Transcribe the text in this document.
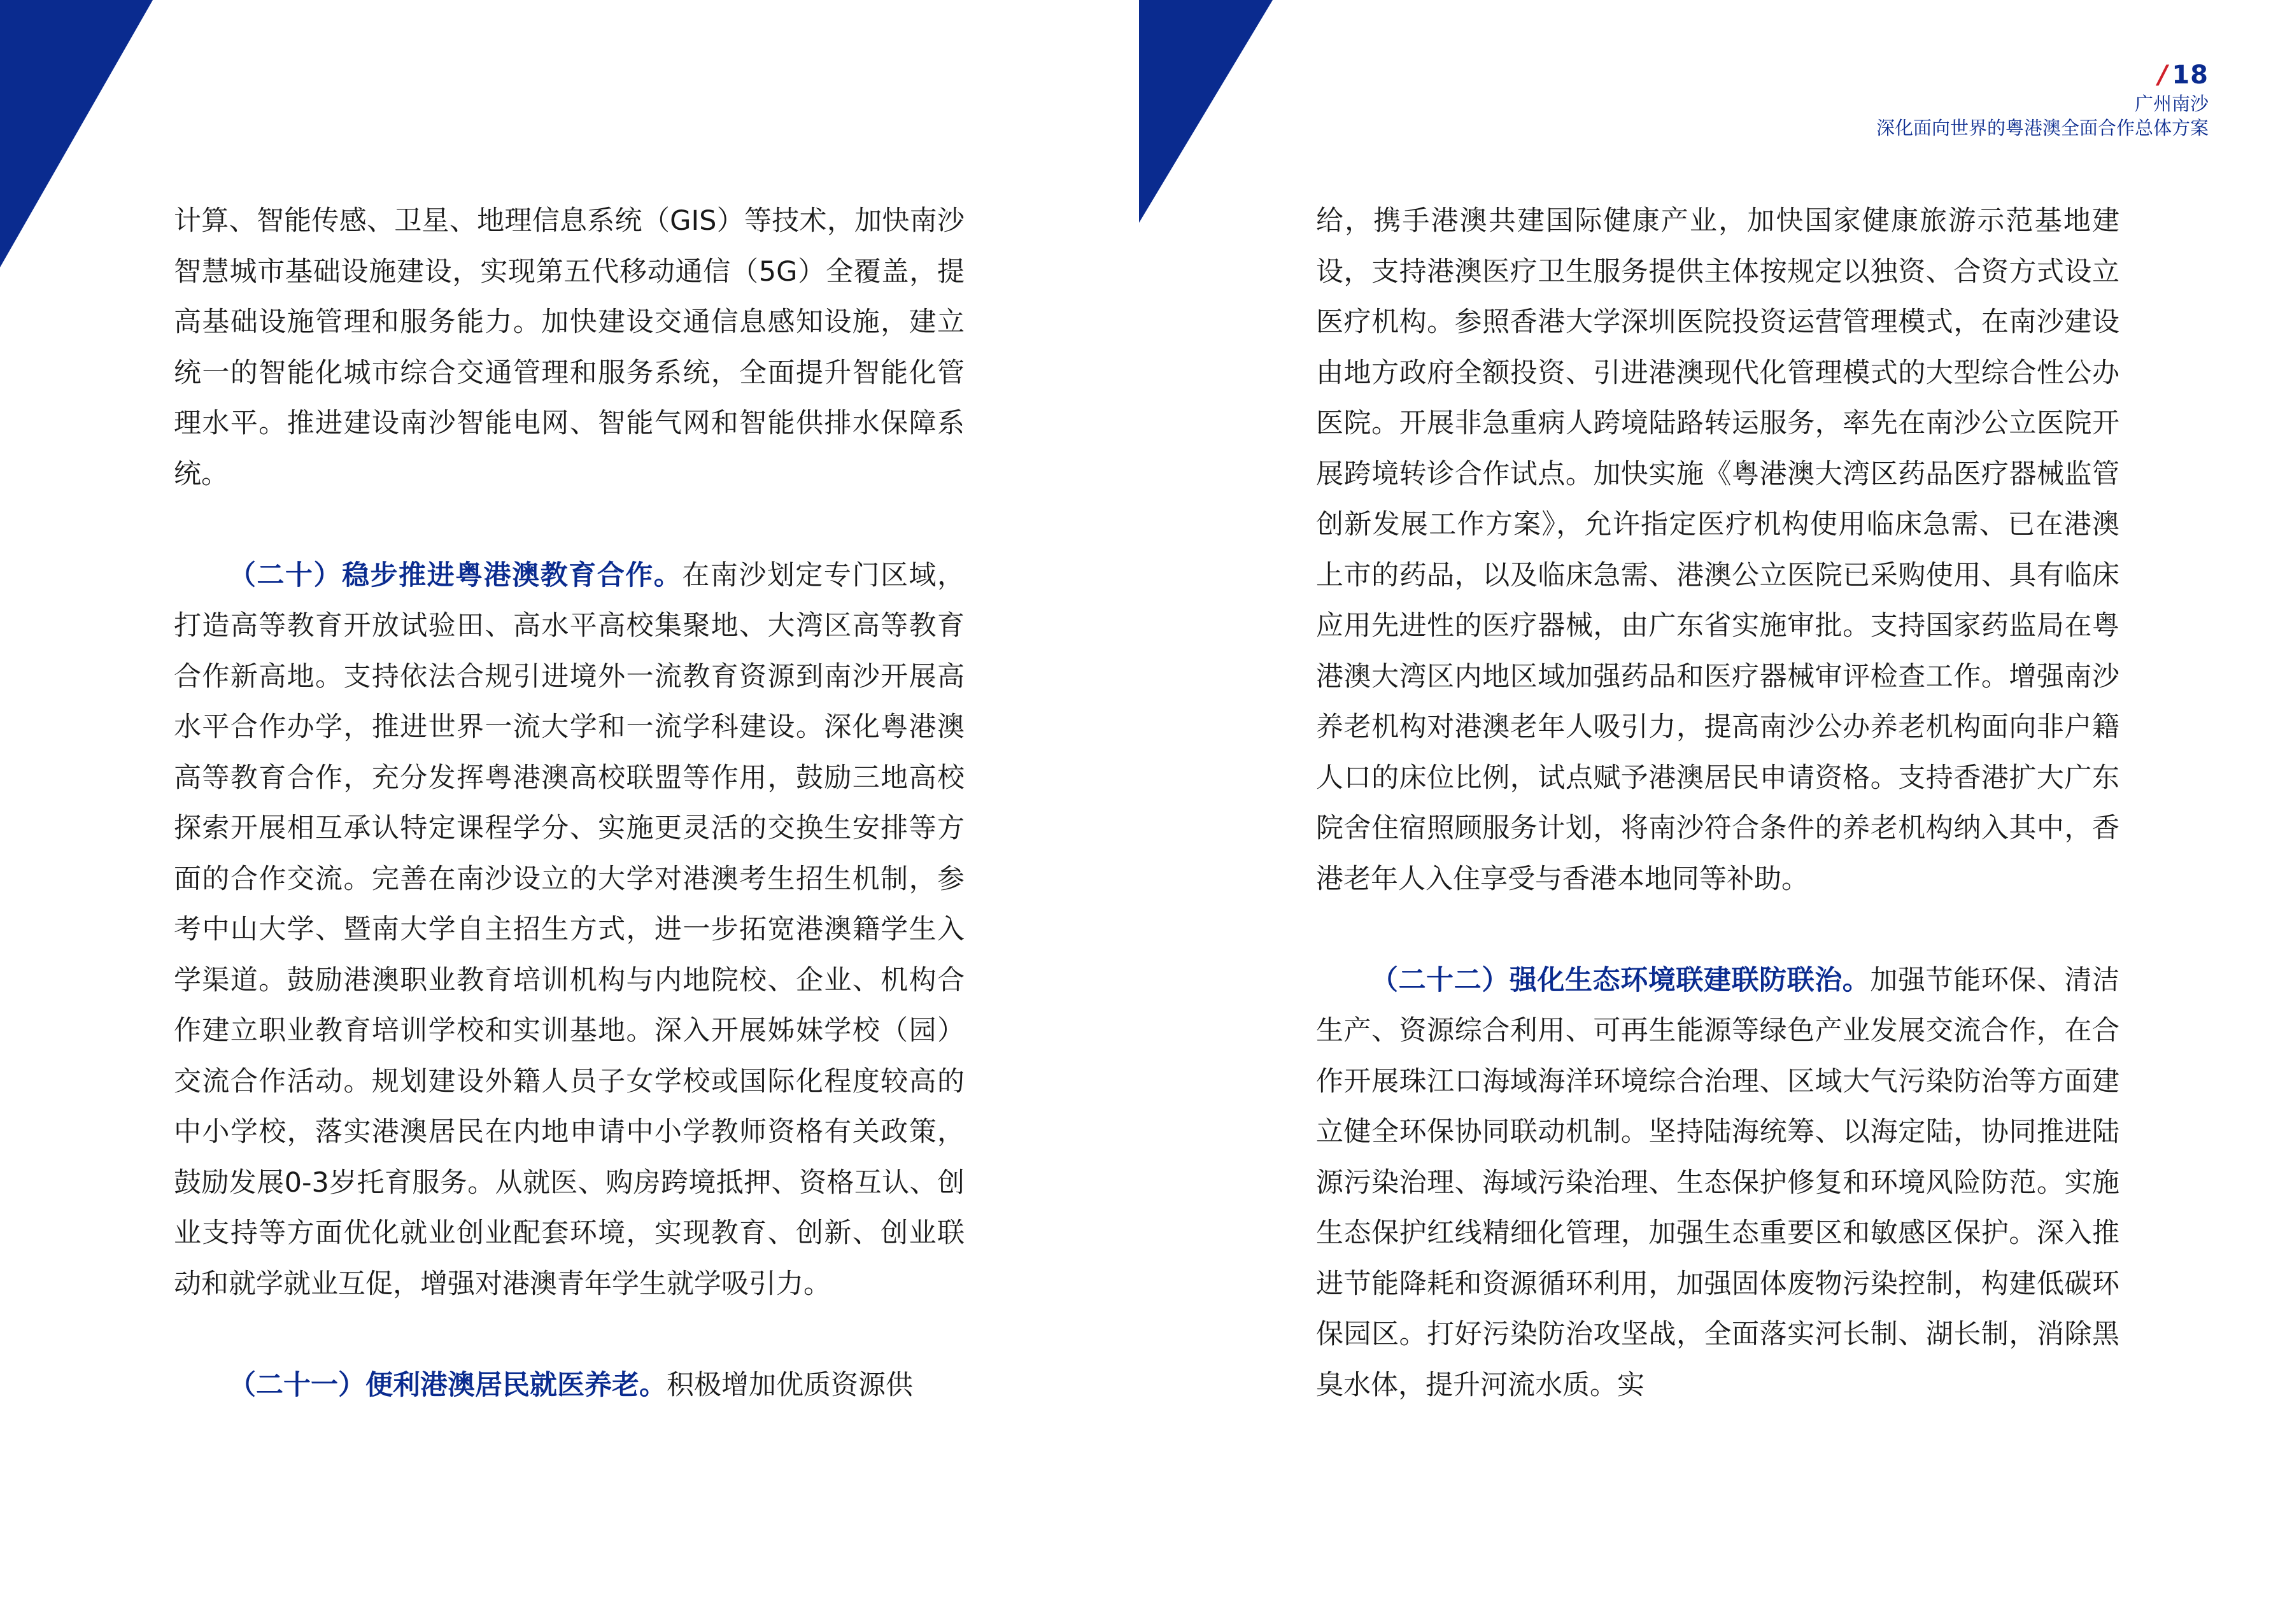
/ 18
广州南沙
深化面向世界的粤港澳全面合作总体方案

计算、智能传感、卫星、地理信息系统（GIS）等技术，加快南沙智慧城市基础设施建设，实现第五代移动通信（5G）全覆盖，提高基础设施管理和服务能力。加快建设交通信息感知设施，建立统一的智能化城市综合交通管理和服务系统，全面提升智能化管理水平。推进建设南沙智能电网、智能气网和智能供排水保障系统。

（二十）稳步推进粤港澳教育合作。在南沙划定专门区域，打造高等教育开放试验田、高水平高校集聚地、大湾区高等教育合作新高地。支持依法合规引进境外一流教育资源到南沙开展高水平合作办学，推进世界一流大学和一流学科建设。深化粤港澳高等教育合作，充分发挥粤港澳高校联盟等作用，鼓励三地高校探索开展相互承认特定课程学分、实施更灵活的交换生安排等方面的合作交流。完善在南沙设立的大学对港澳考生招生机制，参考中山大学、暨南大学自主招生方式，进一步拓宽港澳籍学生入学渠道。鼓励港澳职业教育培训机构与内地院校、企业、机构合作建立职业教育培训学校和实训基地。深入开展姊妹学校（园）交流合作活动。规划建设外籍人员子女学校或国际化程度较高的中小学校，落实港澳居民在内地申请中小学教师资格有关政策，鼓励发展0-3岁托育服务。从就医、购房跨境抵押、资格互认、创业支持等方面优化就业创业配套环境，实现教育、创新、创业联动和就学就业互促，增强对港澳青年学生就学吸引力。

（二十一）便利港澳居民就医养老。积极增加优质资源供

给，携手港澳共建国际健康产业，加快国家健康旅游示范基地建设，支持港澳医疗卫生服务提供主体按规定以独资、合资方式设立医疗机构。参照香港大学深圳医院投资运营管理模式，在南沙建设由地方政府全额投资、引进港澳现代化管理模式的大型综合性公办医院。开展非急重病人跨境陆路转运服务，率先在南沙公立医院开展跨境转诊合作试点。加快实施《粤港澳大湾区药品医疗器械监管创新发展工作方案》，允许指定医疗机构使用临床急需、已在港澳上市的药品，以及临床急需、港澳公立医院已采购使用、具有临床应用先进性的医疗器械，由广东省实施审批。支持国家药监局在粤港澳大湾区内地区域加强药品和医疗器械审评检查工作。增强南沙养老机构对港澳老年人吸引力，提高南沙公办养老机构面向非户籍人口的床位比例，试点赋予港澳居民申请资格。支持香港扩大广东院舍住宿照顾服务计划，将南沙符合条件的养老机构纳入其中，香港老年人入住享受与香港本地同等补助。

（二十二）强化生态环境联建联防联治。加强节能环保、清洁生产、资源综合利用、可再生能源等绿色产业发展交流合作，在合作开展珠江口海域海洋环境综合治理、区域大气污染防治等方面建立健全环保协同联动机制。坚持陆海统筹、以海定陆，协同推进陆源污染治理、海域污染治理、生态保护修复和环境风险防范。实施生态保护红线精细化管理，加强生态重要区和敏感区保护。深入推进节能降耗和资源循环利用，加强固体废物污染控制，构建低碳环保园区。打好污染防治攻坚战，全面落实河长制、湖长制，消除黑臭水体，提升河流水质。实
